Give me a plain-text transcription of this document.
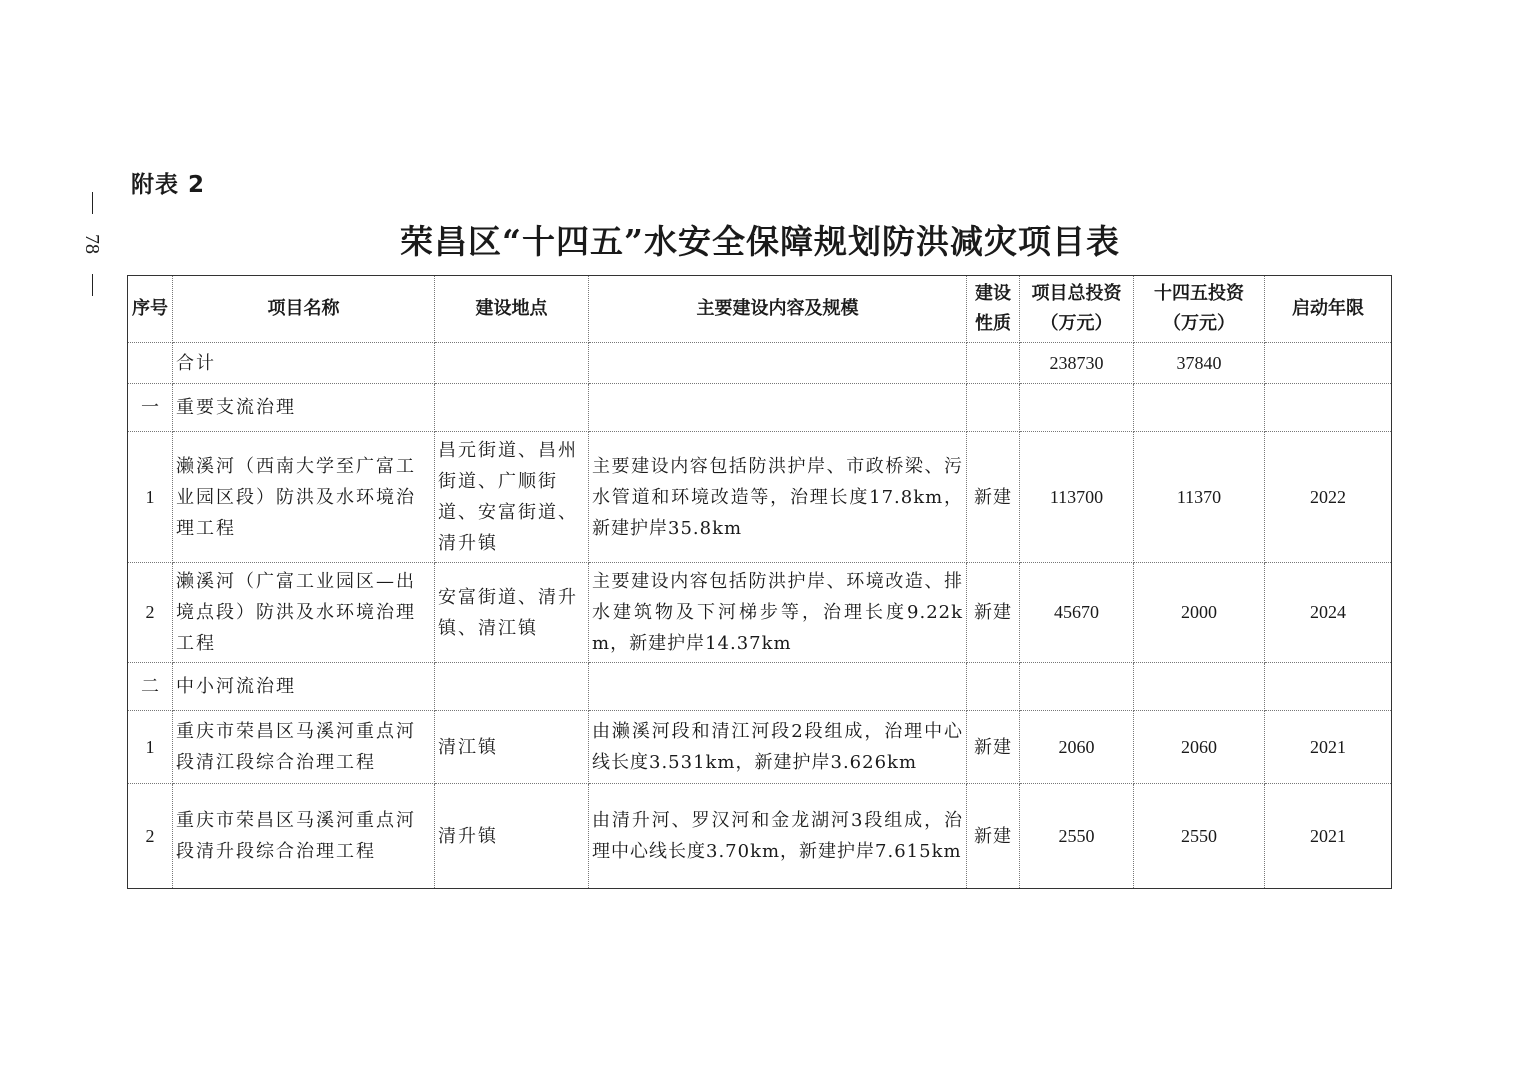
78
附表 2
荣昌区“十四五”水安全保障规划防洪减灾项目表
序号	项目名称	建设地点	主要建设内容及规模	建设性质	项目总投资（万元）	十四五投资（万元）	启动年限
	合计				238730	37840	
一	重要支流治理						
1	濑溪河（西南大学至广富工业园区段）防洪及水环境治理工程	昌元街道、昌州街道、广顺街道、安富街道、清升镇	主要建设内容包括防洪护岸、市政桥梁、污水管道和环境改造等，治理长度17.8km，新建护岸35.8km	新建	113700	11370	2022
2	濑溪河（广富工业园区—出境点段）防洪及水环境治理工程	安富街道、清升镇、清江镇	主要建设内容包括防洪护岸、环境改造、排水建筑物及下河梯步等，治理长度9.22km，新建护岸14.37km	新建	45670	2000	2024
二	中小河流治理						
1	重庆市荣昌区马溪河重点河段清江段综合治理工程	清江镇	由濑溪河段和清江河段2段组成，治理中心线长度3.531km，新建护岸3.626km	新建	2060	2060	2021
2	重庆市荣昌区马溪河重点河段清升段综合治理工程	清升镇	由清升河、罗汉河和金龙湖河3段组成，治理中心线长度3.70km，新建护岸7.615km	新建	2550	2550	2021
